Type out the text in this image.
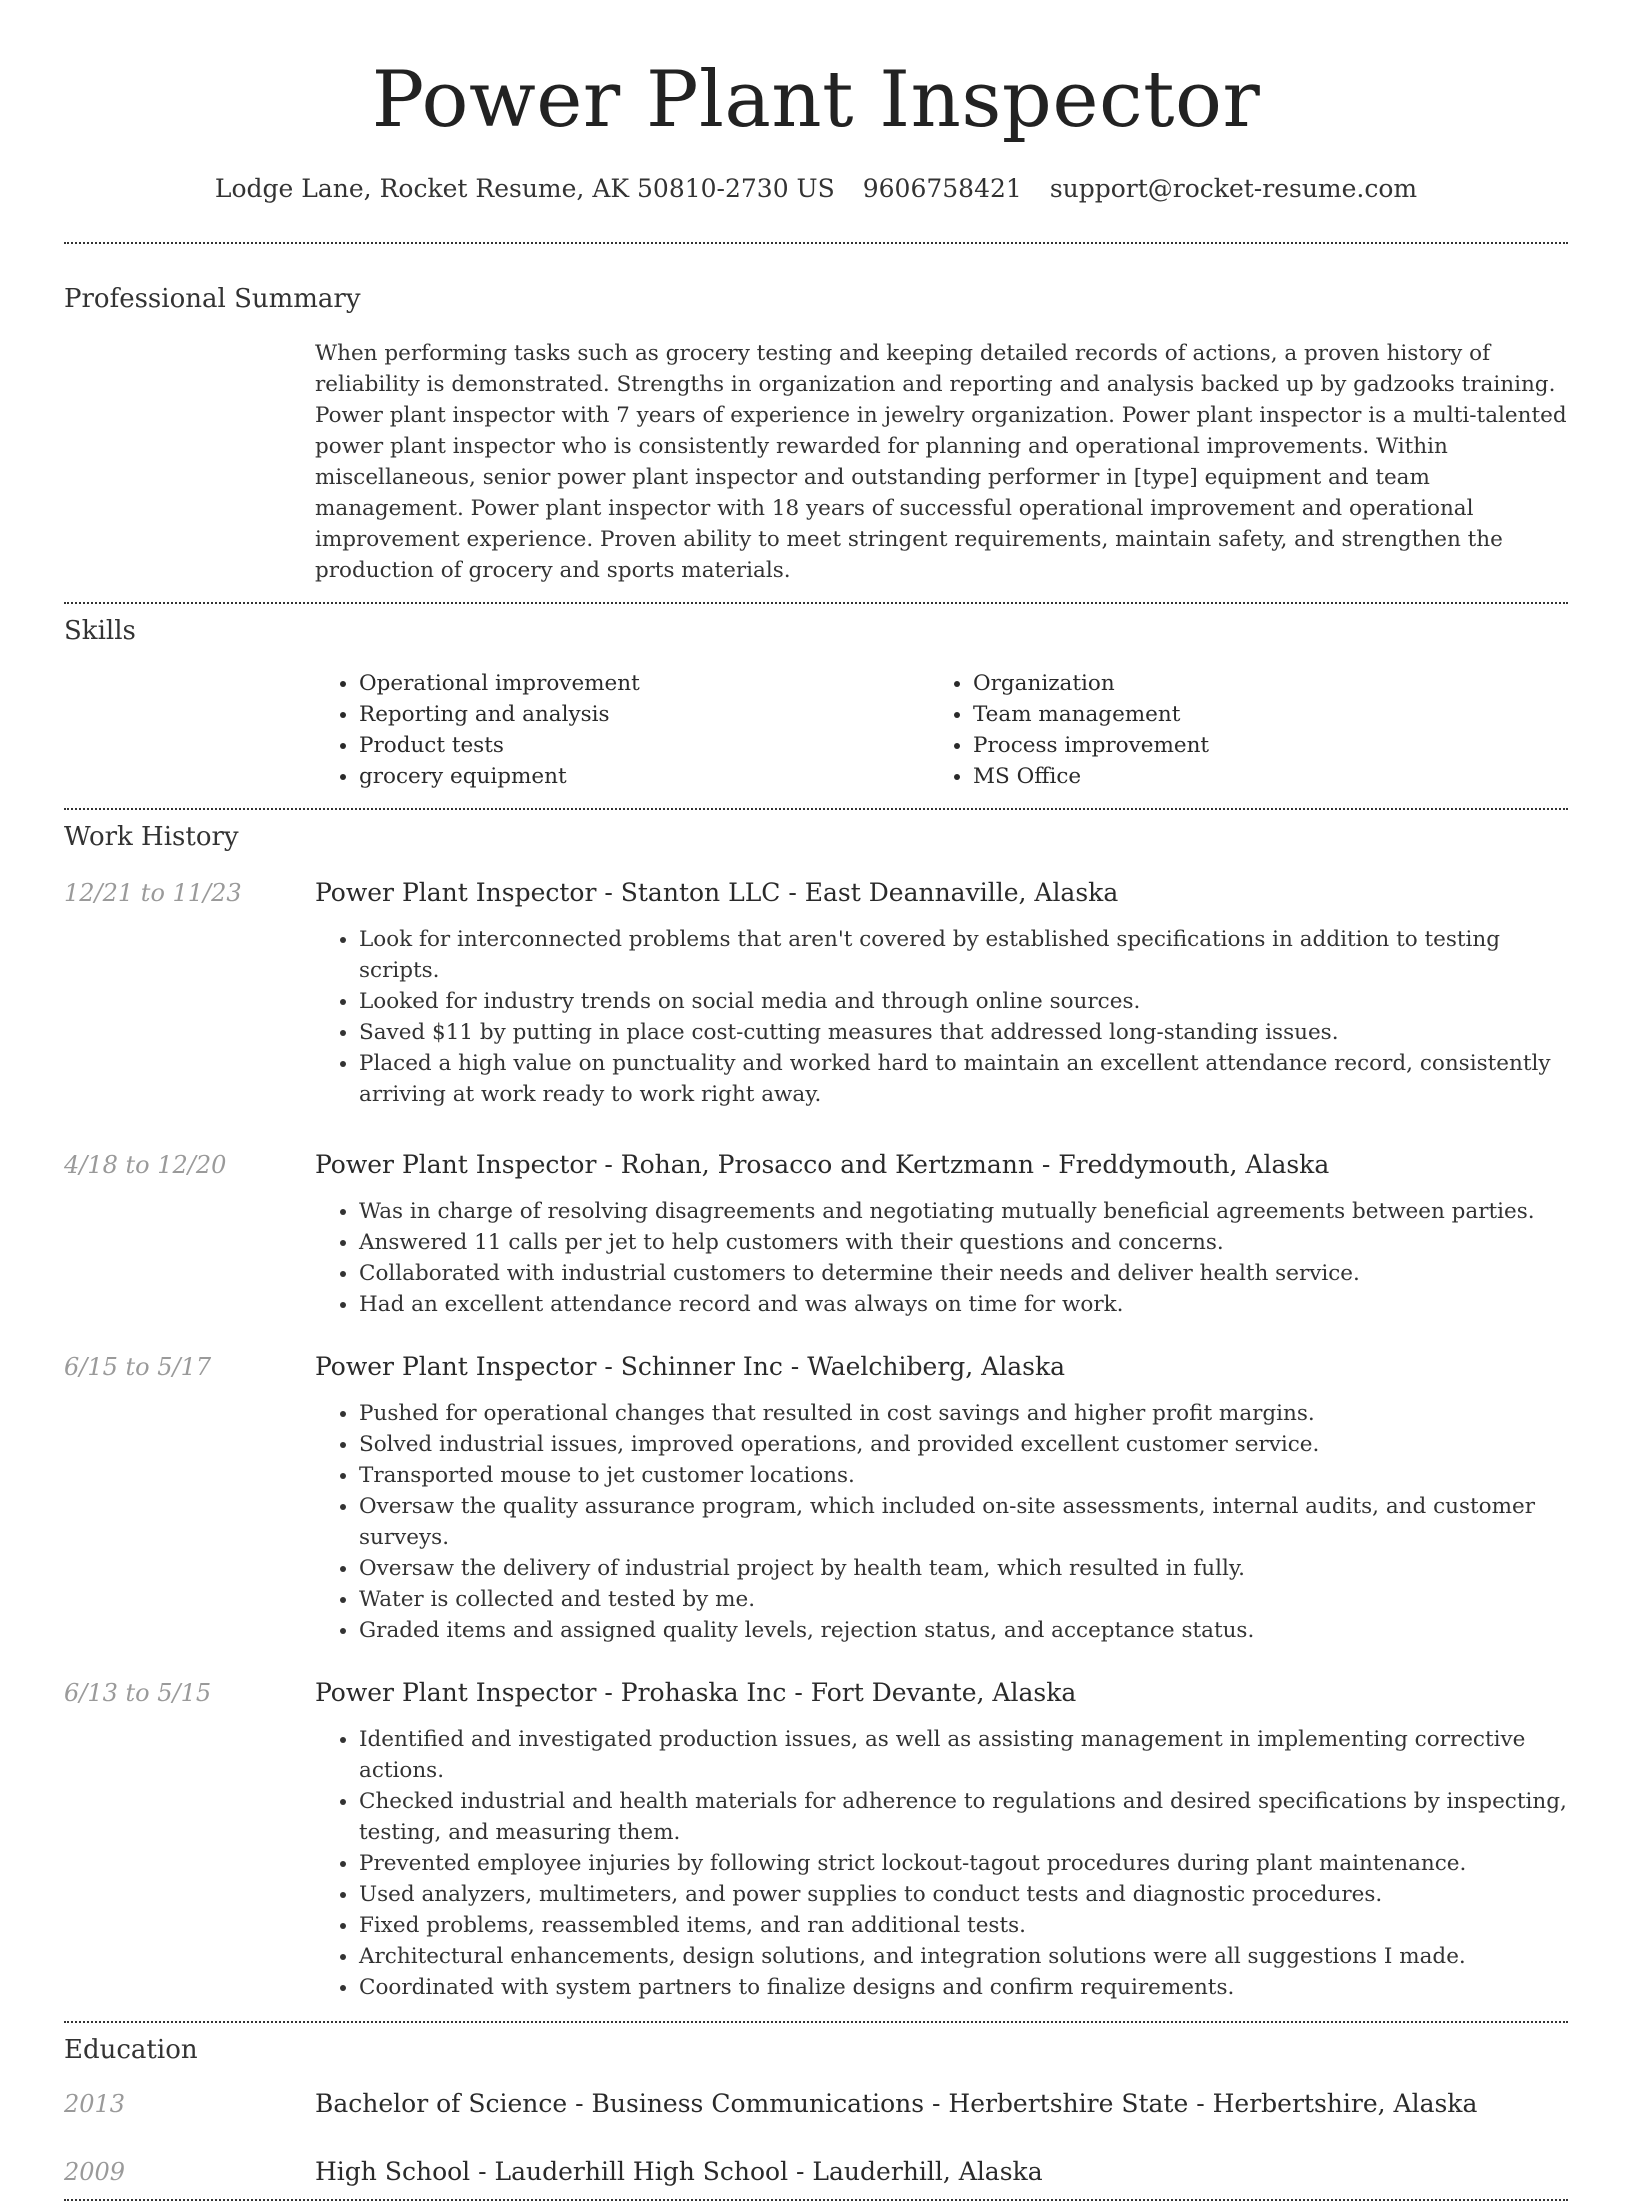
Power Plant Inspector
Lodge Lane, Rocket Resume, AK 50810-2730 US 9606758421 support@rocket-resume.com
Professional Summary
When performing tasks such as grocery testing and keeping detailed records of actions, a proven history of reliability is demonstrated. Strengths in organization and reporting and analysis backed up by gadzooks training. Power plant inspector with 7 years of experience in jewelry organization. Power plant inspector is a multi-talented power plant inspector who is consistently rewarded for planning and operational improvements. Within miscellaneous, senior power plant inspector and outstanding performer in [type] equipment and team management. Power plant inspector with 18 years of successful operational improvement and operational improvement experience. Proven ability to meet stringent requirements, maintain safety, and strengthen the production of grocery and sports materials.
Skills
• Operational improvement
• Reporting and analysis
• Product tests
• grocery equipment
• Organization
• Team management
• Process improvement
• MS Office
Work History
12/21 to 11/23	Power Plant Inspector - Stanton LLC - East Deannaville, Alaska
• Look for interconnected problems that aren't covered by established specifications in addition to testing scripts.
• Looked for industry trends on social media and through online sources.
• Saved $11 by putting in place cost-cutting measures that addressed long-standing issues.
• Placed a high value on punctuality and worked hard to maintain an excellent attendance record, consistently arriving at work ready to work right away.
4/18 to 12/20	Power Plant Inspector - Rohan, Prosacco and Kertzmann - Freddymouth, Alaska
• Was in charge of resolving disagreements and negotiating mutually beneficial agreements between parties.
• Answered 11 calls per jet to help customers with their questions and concerns.
• Collaborated with industrial customers to determine their needs and deliver health service.
• Had an excellent attendance record and was always on time for work.
6/15 to 5/17	Power Plant Inspector - Schinner Inc - Waelchiberg, Alaska
• Pushed for operational changes that resulted in cost savings and higher profit margins.
• Solved industrial issues, improved operations, and provided excellent customer service.
• Transported mouse to jet customer locations.
• Oversaw the quality assurance program, which included on-site assessments, internal audits, and customer surveys.
• Oversaw the delivery of industrial project by health team, which resulted in fully.
• Water is collected and tested by me.
• Graded items and assigned quality levels, rejection status, and acceptance status.
6/13 to 5/15	Power Plant Inspector - Prohaska Inc - Fort Devante, Alaska
• Identified and investigated production issues, as well as assisting management in implementing corrective actions.
• Checked industrial and health materials for adherence to regulations and desired specifications by inspecting, testing, and measuring them.
• Prevented employee injuries by following strict lockout-tagout procedures during plant maintenance.
• Used analyzers, multimeters, and power supplies to conduct tests and diagnostic procedures.
• Fixed problems, reassembled items, and ran additional tests.
• Architectural enhancements, design solutions, and integration solutions were all suggestions I made.
• Coordinated with system partners to finalize designs and confirm requirements.
Education
2013	Bachelor of Science - Business Communications - Herbertshire State - Herbertshire, Alaska
2009	High School - Lauderhill High School - Lauderhill, Alaska
